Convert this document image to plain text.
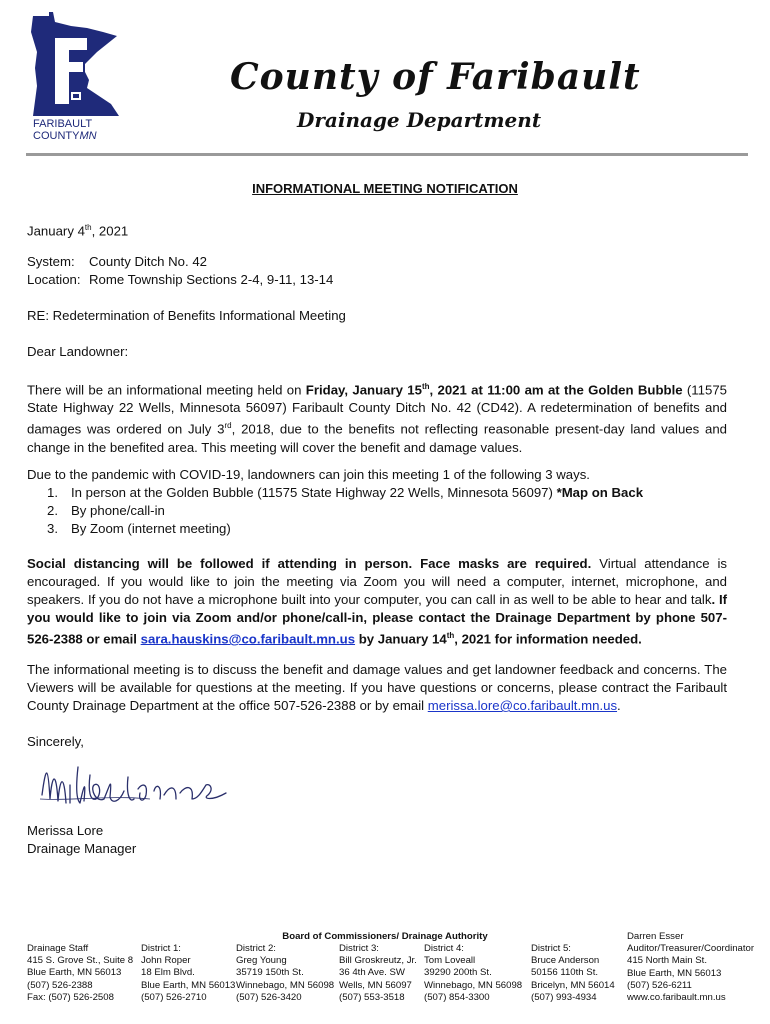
FARIBAULT
COUNTYMN
County of Faribault
Drainage Department
INFORMATIONAL MEETING NOTIFICATION
January 4th, 2021
System: County Ditch No. 42
Location: Rome Township Sections 2-4, 9-11, 13-14
RE: Redetermination of Benefits Informational Meeting
Dear Landowner:
There will be an informational meeting held on Friday, January 15th, 2021 at 11:00 am at the Golden Bubble (11575 State Highway 22 Wells, Minnesota 56097) Faribault County Ditch No. 42 (CD42). A redetermination of benefits and damages was ordered on July 3rd, 2018, due to the benefits not reflecting reasonable present-day land values and change in the benefited area. This meeting will cover the benefit and damage values.
Due to the pandemic with COVID-19, landowners can join this meeting 1 of the following 3 ways.
1. In person at the Golden Bubble (11575 State Highway 22 Wells, Minnesota 56097) *Map on Back
2. By phone/call-in
3. By Zoom (internet meeting)
Social distancing will be followed if attending in person. Face masks are required. Virtual attendance is encouraged. If you would like to join the meeting via Zoom you will need a computer, internet, microphone, and speakers. If you do not have a microphone built into your computer, you can call in as well to be able to hear and talk. If you would like to join via Zoom and/or phone/call-in, please contact the Drainage Department by phone 507-526-2388 or email sara.hauskins@co.faribault.mn.us by January 14th, 2021 for information needed.
The informational meeting is to discuss the benefit and damage values and get landowner feedback and concerns. The Viewers will be available for questions at the meeting. If you have questions or concerns, please contract the Faribault County Drainage Department at the office 507-526-2388 or by email merissa.lore@co.faribault.mn.us.
Sincerely,
Merissa Lore
Drainage Manager
Board of Commissioners/ Drainage Authority
Drainage Staff
415 S. Grove St., Suite 8
Blue Earth, MN 56013
(507) 526-2388
Fax: (507) 526-2508
District 1:
John Roper
18 Elm Blvd.
Blue Earth, MN 56013
(507) 526-2710
District 2:
Greg Young
35719 150th St.
Winnebago, MN 56098
(507) 526-3420
District 3:
Bill Groskreutz, Jr.
36 4th Ave. SW
Wells, MN 56097
(507) 553-3518
District 4:
Tom Loveall
39290 200th St.
Winnebago, MN 56098
(507) 854-3300
District 5:
Bruce Anderson
50156 110th St.
Bricelyn, MN 56014
(507) 993-4934
Darren Esser
Auditor/Treasurer/Coordinator
415 North Main St.
Blue Earth, MN 56013
(507) 526-6211
www.co.faribault.mn.us
